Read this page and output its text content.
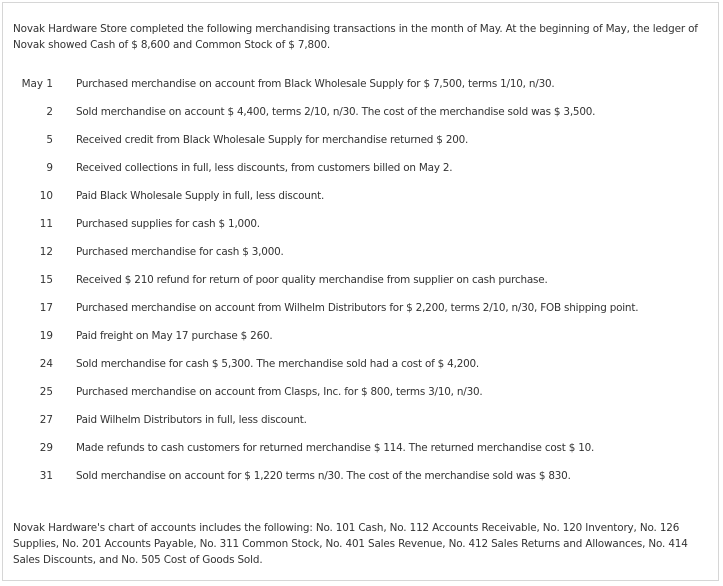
Novak Hardware Store completed the following merchandising transactions in the month of May. At the beginning of May, the ledger of Novak showed Cash of $ 8,600 and Common Stock of $ 7,800.
May 1 Purchased merchandise on account from Black Wholesale Supply for $ 7,500, terms 1/10, n/30.
2 Sold merchandise on account $ 4,400, terms 2/10, n/30. The cost of the merchandise sold was $ 3,500.
5 Received credit from Black Wholesale Supply for merchandise returned $ 200.
9 Received collections in full, less discounts, from customers billed on May 2.
10 Paid Black Wholesale Supply in full, less discount.
11 Purchased supplies for cash $ 1,000.
12 Purchased merchandise for cash $ 3,000.
15 Received $ 210 refund for return of poor quality merchandise from supplier on cash purchase.
17 Purchased merchandise on account from Wilhelm Distributors for $ 2,200, terms 2/10, n/30, FOB shipping point.
19 Paid freight on May 17 purchase $ 260.
24 Sold merchandise for cash $ 5,300. The merchandise sold had a cost of $ 4,200.
25 Purchased merchandise on account from Clasps, Inc. for $ 800, terms 3/10, n/30.
27 Paid Wilhelm Distributors in full, less discount.
29 Made refunds to cash customers for returned merchandise $ 114. The returned merchandise cost $ 10.
31 Sold merchandise on account for $ 1,220 terms n/30. The cost of the merchandise sold was $ 830.
Novak Hardware's chart of accounts includes the following: No. 101 Cash, No. 112 Accounts Receivable, No. 120 Inventory, No. 126 Supplies, No. 201 Accounts Payable, No. 311 Common Stock, No. 401 Sales Revenue, No. 412 Sales Returns and Allowances, No. 414 Sales Discounts, and No. 505 Cost of Goods Sold.
